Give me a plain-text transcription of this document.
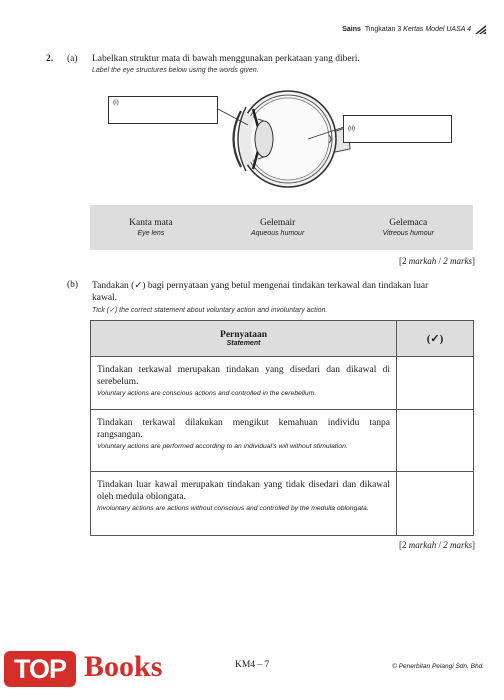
Sains Tingkatan 3 Kertas Model UASA 4
2. (a) Labelkan struktur mata di bawah menggunakan perkataan yang diberi.
Label the eye structures below using the words given.
(i)
(ii)
Kanta mata
Eye lens
Gelemair
Aqueous humour
Gelemaca
Vitreous humour
[2 markah / 2 marks]
(b) Tandakan (✓) bagi pernyataan yang betul mengenai tindakan terkawal dan tindakan luar
kawal.
Tick (✓) the correct statement about voluntary action and involuntary action.
Pernyataan
Statement	(✓)

Tindakan terkawal merupakan tindakan yang disedari dan dikawal di serebelum.
Voluntary actions are conscious actions and controlled in the cerebellum.	

Tindakan terkawal dilakukan mengikut kemahuan individu tanpa rangsangan.
Voluntary actions are performed according to an individual's will without stimulation.	

Tindakan luar kawal merupakan tindakan yang tidak disedari dan dikawal oleh medula oblongata.
Involuntary actions are actions without conscious and controlled by the medulla oblongata.	

[2 markah / 2 marks]
TOP Books	KM4 – 7	© Penerbitan Pelangi Sdn. Bhd.
